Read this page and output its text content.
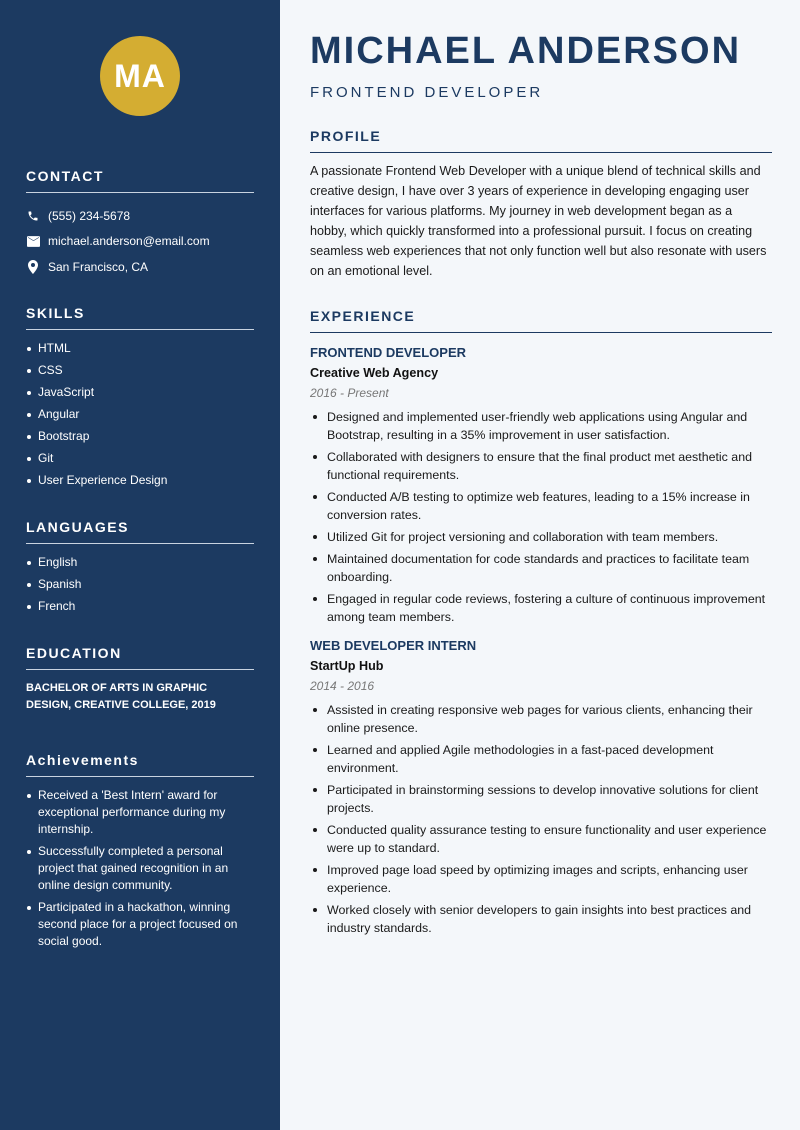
MA
CONTACT
(555) 234-5678
michael.anderson@email.com
San Francisco, CA
SKILLS
HTML
CSS
JavaScript
Angular
Bootstrap
Git
User Experience Design
LANGUAGES
English
Spanish
French
EDUCATION
BACHELOR OF ARTS IN GRAPHIC DESIGN, CREATIVE COLLEGE, 2019
Achievements
Received a 'Best Intern' award for exceptional performance during my internship.
Successfully completed a personal project that gained recognition in an online design community.
Participated in a hackathon, winning second place for a project focused on social good.
MICHAEL ANDERSON
FRONTEND DEVELOPER
PROFILE

A passionate Frontend Web Developer with a unique blend of technical skills and creative design, I have over 3 years of experience in developing engaging user interfaces for various platforms. My journey in web development began as a hobby, which quickly transformed into a professional pursuit. I focus on creating seamless web experiences that not only function well but also resonate with users on an emotional level.

EXPERIENCE
FRONTEND DEVELOPER
Creative Web Agency
2016 - Present
Designed and implemented user-friendly web applications using Angular and Bootstrap, resulting in a 35% improvement in user satisfaction.
Collaborated with designers to ensure that the final product met aesthetic and functional requirements.
Conducted A/B testing to optimize web features, leading to a 15% increase in conversion rates.
Utilized Git for project versioning and collaboration with team members.
Maintained documentation for code standards and practices to facilitate team onboarding.
Engaged in regular code reviews, fostering a culture of continuous improvement among team members.
WEB DEVELOPER INTERN
StartUp Hub
2014 - 2016
Assisted in creating responsive web pages for various clients, enhancing their online presence.
Learned and applied Agile methodologies in a fast-paced development environment.
Participated in brainstorming sessions to develop innovative solutions for client projects.
Conducted quality assurance testing to ensure functionality and user experience were up to standard.
Improved page load speed by optimizing images and scripts, enhancing user experience.
Worked closely with senior developers to gain insights into best practices and industry standards.
